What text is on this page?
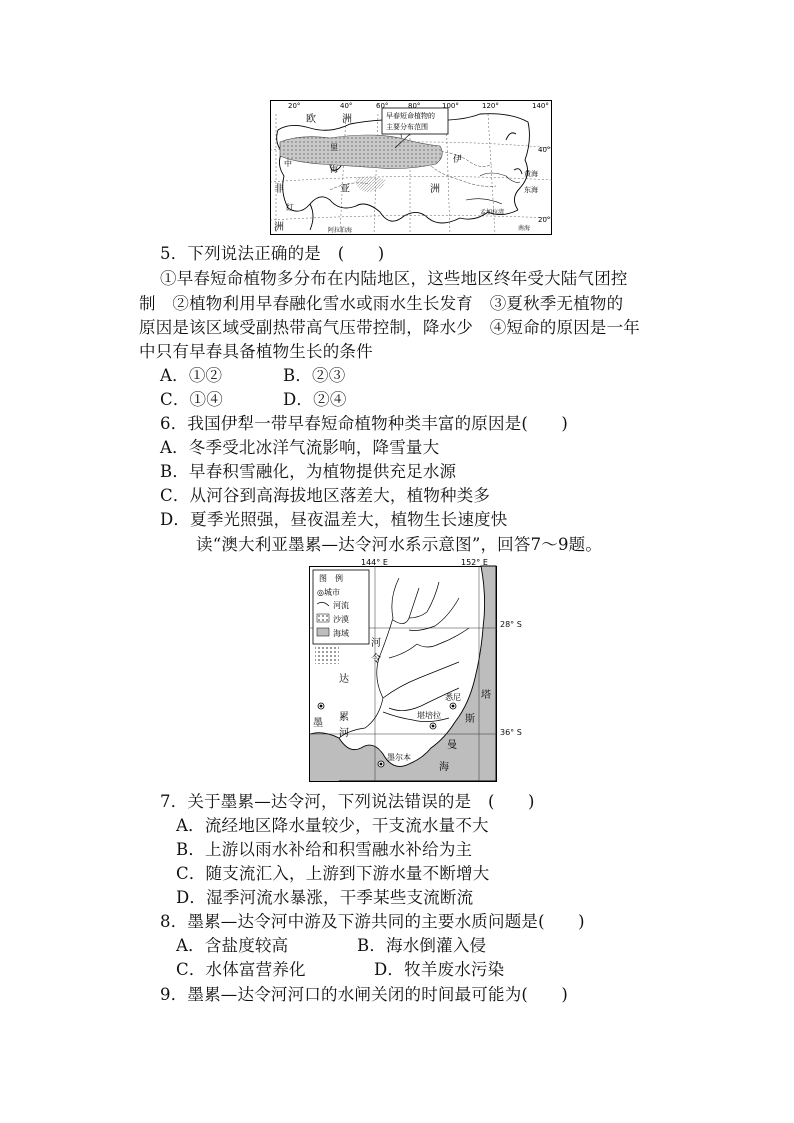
早春短命植物的
主要分布范围
20°	40°	60°	80°	100°	120°	140°
40°
20°
欧	洲
亚	洲
非
洲
里
海
中	伊
红
黄海
东海
阿拉伯海	南海
孟加拉湾
5．下列说法正确的是　(　　)
①早春短命植物多分布在内陆地区，这些地区终年受大陆气团控
制　②植物利用早春融化雪水或雨水生长发育　③夏秋季无植物的
原因是该区域受副热带高气压带控制，降水少　④短命的原因是一年
中只有早春具备植物生长的条件
A．①②	B．②③
C．①④	D．②④
6．我国伊犁一带早春短命植物种类丰富的原因是(　　)
A．冬季受北冰洋气流影响，降雪量大
B．早春积雪融化，为植物提供充足水源
C．从河谷到高海拔地区落差大，植物种类多
D．夏季光照强，昼夜温差大，植物生长速度快
读“澳大利亚墨累—达令河水系示意图”，回答7～9题。
图　例
◎城市
河流
沙漠
海域
144° E	152° E
达
令
河
墨
累
河
悉尼
堪培拉
墨尔本
塔
斯
曼
海
28° S
36° S
7．关于墨累—达令河，下列说法错误的是　(　　)
A．流经地区降水量较少，干支流水量不大
B．上游以雨水补给和积雪融水补给为主
C．随支流汇入，上游到下游水量不断增大
D．湿季河流水暴涨，干季某些支流断流
8．墨累—达令河中游及下游共同的主要水质问题是(　　)
A．含盐度较高	B．海水倒灌入侵
C．水体富营养化	D．牧羊废水污染
9．墨累—达令河河口的水闸关闭的时间最可能为(　　)
